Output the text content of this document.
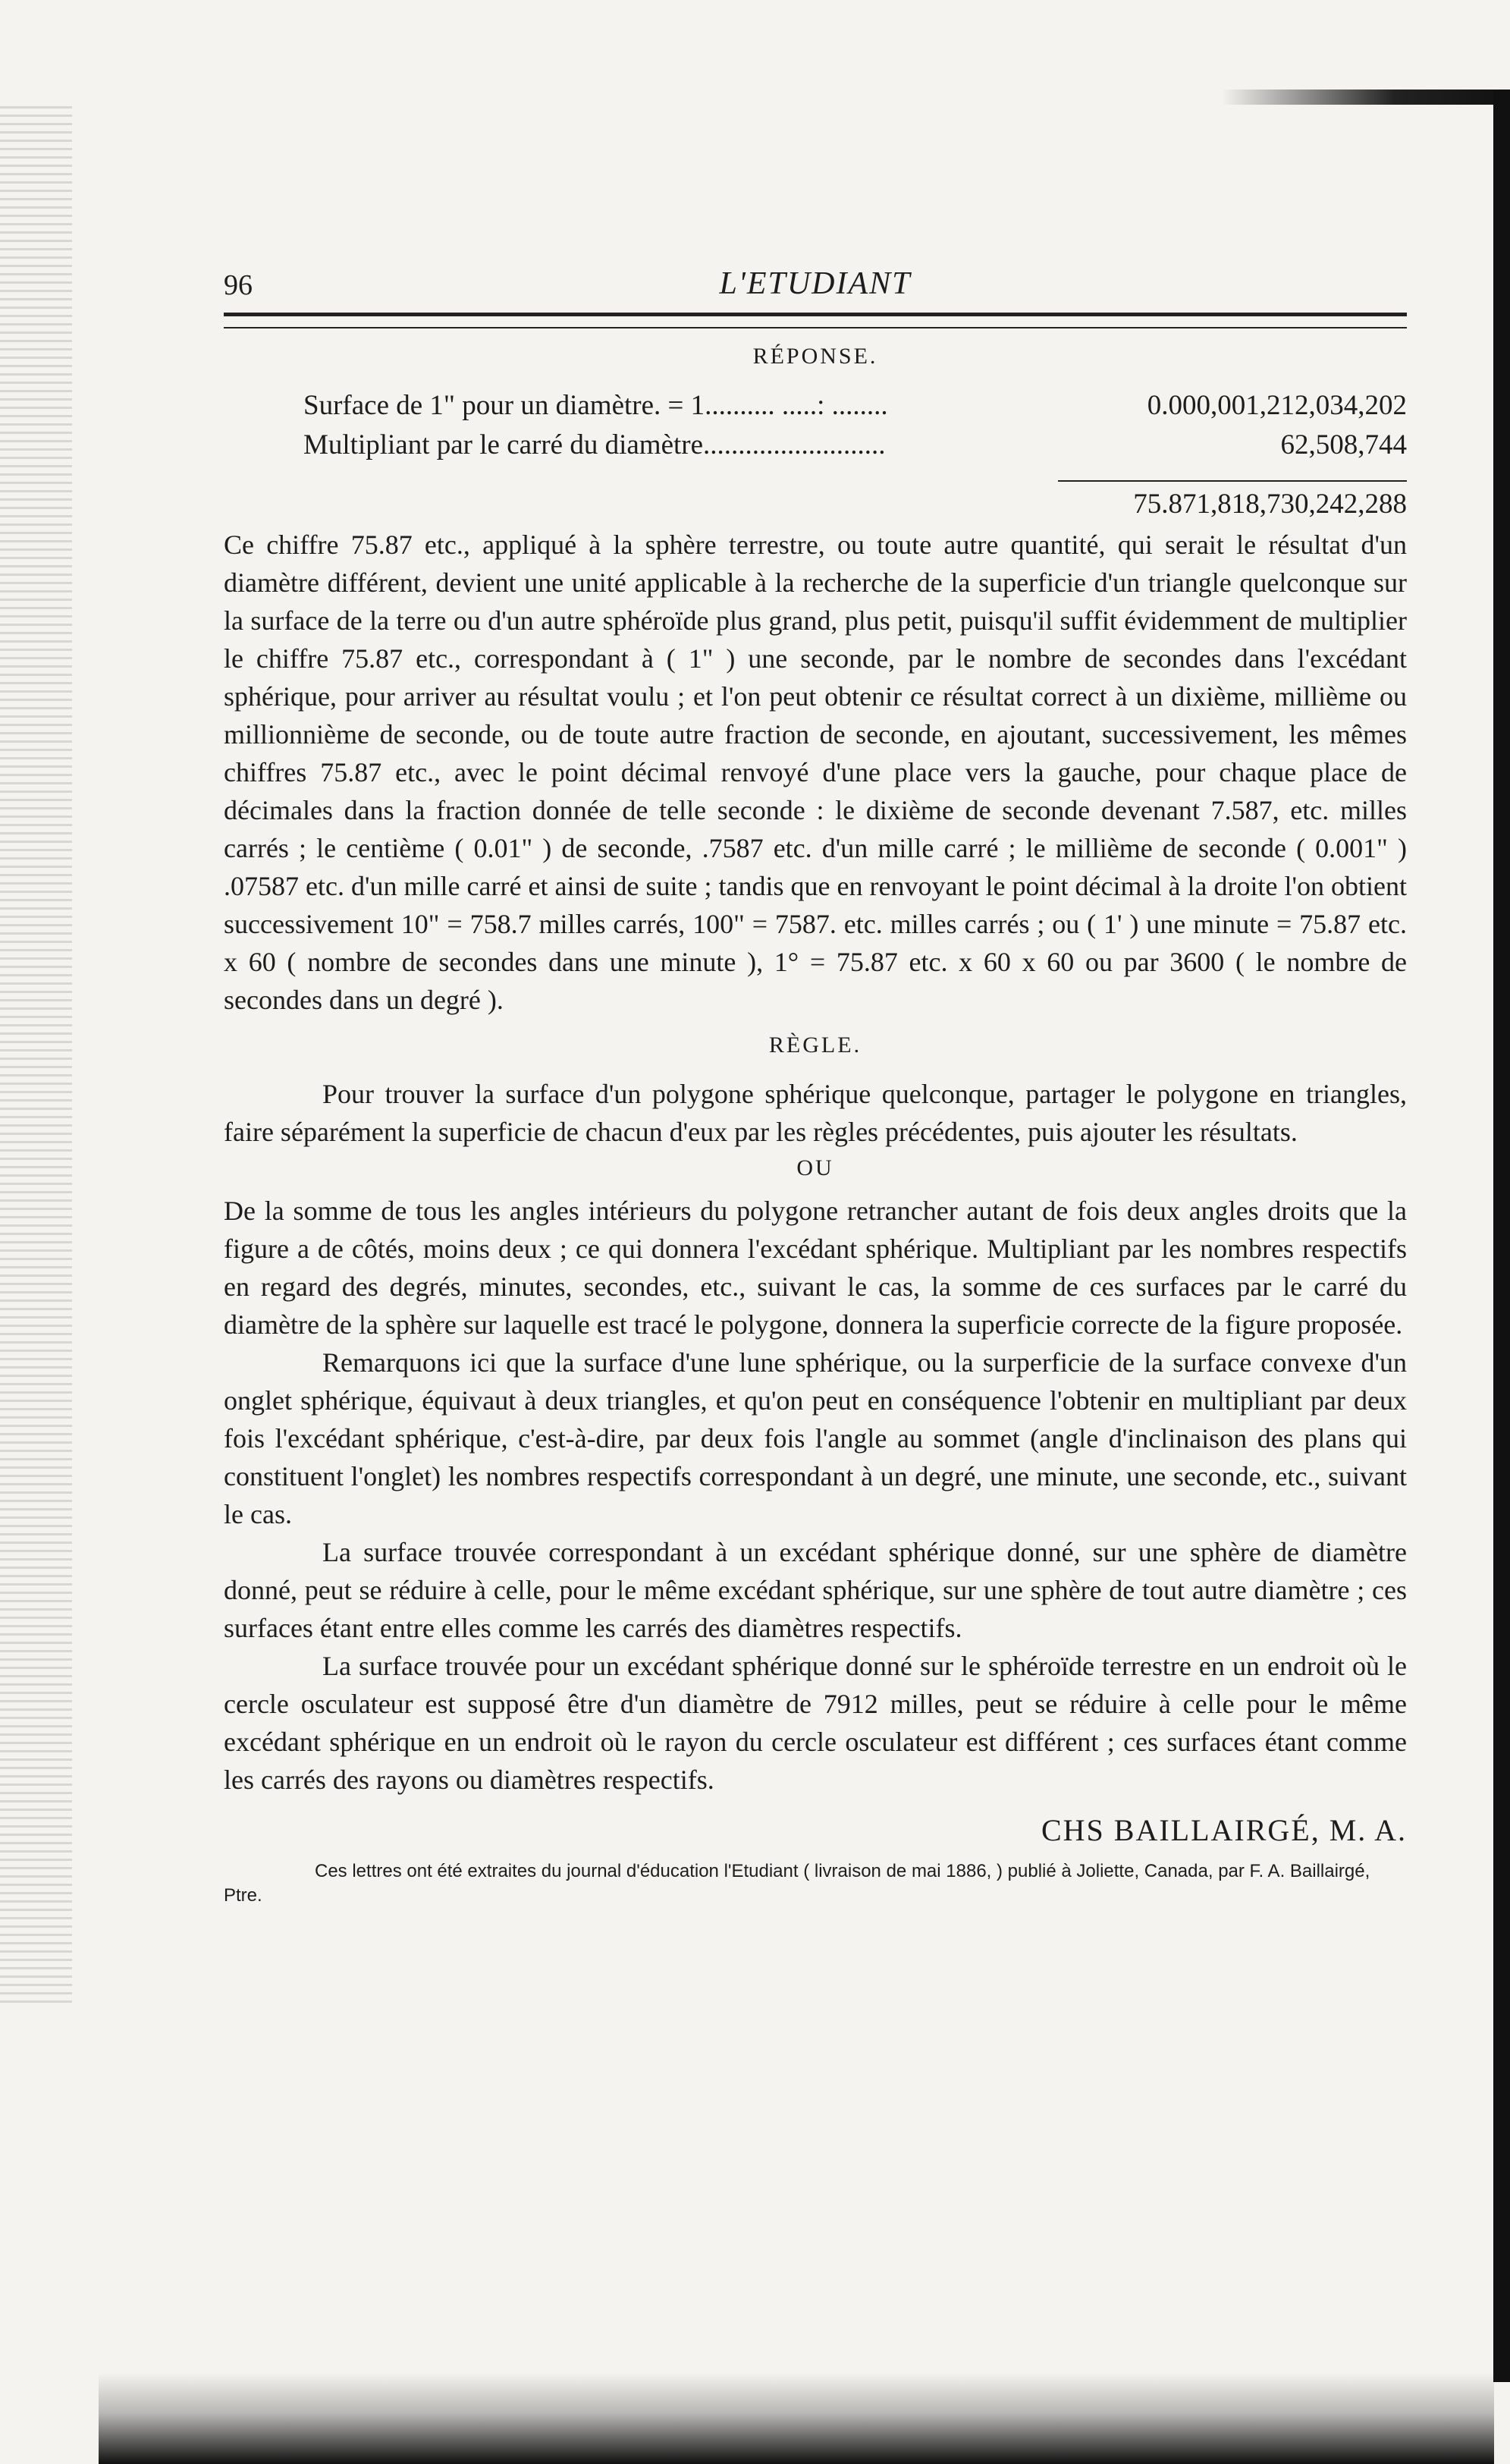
96	L'ETUDIANT
RÉPONSE.
Surface de 1" pour un diamètre. = 1.......... .....: ........	0.000,001,212,034,202
Multipliant par le carré du diamètre..........................	62,508,744
75.871,818,730,242,288

Ce chiffre 75.87 etc., appliqué à la sphère terrestre, ou toute autre quantité, qui serait le résultat d'un diamètre différent, devient une unité applicable à la recherche de la superficie d'un triangle quelconque sur la surface de la terre ou d'un autre sphéroïde plus grand, plus petit, puisqu'il suffit évidemment de multiplier le chiffre 75.87 etc., correspondant à ( 1" ) une seconde, par le nombre de secondes dans l'excédant sphérique, pour arriver au résultat voulu ; et l'on peut obtenir ce résultat correct à un dixième, millième ou millionnième de seconde, ou de toute autre fraction de seconde, en ajoutant, successivement, les mêmes chiffres 75.87 etc., avec le point décimal renvoyé d'une place vers la gauche, pour chaque place de décimales dans la fraction donnée de telle seconde : le dixième de seconde devenant 7.587, etc. milles carrés ; le centième ( 0.01" ) de seconde, .7587 etc. d'un mille carré ; le millième de seconde ( 0.001" ) .07587 etc. d'un mille carré et ainsi de suite ; tandis que en renvoyant le point décimal à la droite l'on obtient successivement 10" = 758.7 milles carrés, 100" = 7587. etc. milles carrés ; ou ( 1' ) une minute = 75.87 etc. x 60 ( nombre de secondes dans une minute ), 1° = 75.87 etc. x 60 x 60 ou par 3600 ( le nombre de secondes dans un degré ).

RÈGLE.

Pour trouver la surface d'un polygone sphérique quelconque, partager le polygone en triangles, faire séparément la superficie de chacun d'eux par les règles précédentes, puis ajouter les résultats.

OU

De la somme de tous les angles intérieurs du polygone retrancher autant de fois deux angles droits que la figure a de côtés, moins deux ; ce qui donnera l'excédant sphérique. Multipliant par les nombres respectifs en regard des degrés, minutes, secondes, etc., suivant le cas, la somme de ces surfaces par le carré du diamètre de la sphère sur laquelle est tracé le polygone, donnera la superficie correcte de la figure proposée.

Remarquons ici que la surface d'une lune sphérique, ou la surperficie de la surface convexe d'un onglet sphérique, équivaut à deux triangles, et qu'on peut en conséquence l'obtenir en multipliant par deux fois l'excédant sphérique, c'est-à-dire, par deux fois l'angle au sommet (angle d'inclinaison des plans qui constituent l'onglet) les nombres respectifs correspondant à un degré, une minute, une seconde, etc., suivant le cas.

La surface trouvée correspondant à un excédant sphérique donné, sur une sphère de diamètre donné, peut se réduire à celle, pour le même excédant sphérique, sur une sphère de tout autre diamètre ; ces surfaces étant entre elles comme les carrés des diamètres respectifs.

La surface trouvée pour un excédant sphérique donné sur le sphéroïde terrestre en un endroit où le cercle osculateur est supposé être d'un diamètre de 7912 milles, peut se réduire à celle pour le même excédant sphérique en un endroit où le rayon du cercle osculateur est différent ; ces surfaces étant comme les carrés des rayons ou diamètres respectifs.

CHS BAILLAIRGÉ, M. A.
Ces lettres ont été extraites du journal d'éducation l'Etudiant ( livraison de mai 1886, ) publié à Joliette, Canada, par F. A. Baillairgé, Ptre.
